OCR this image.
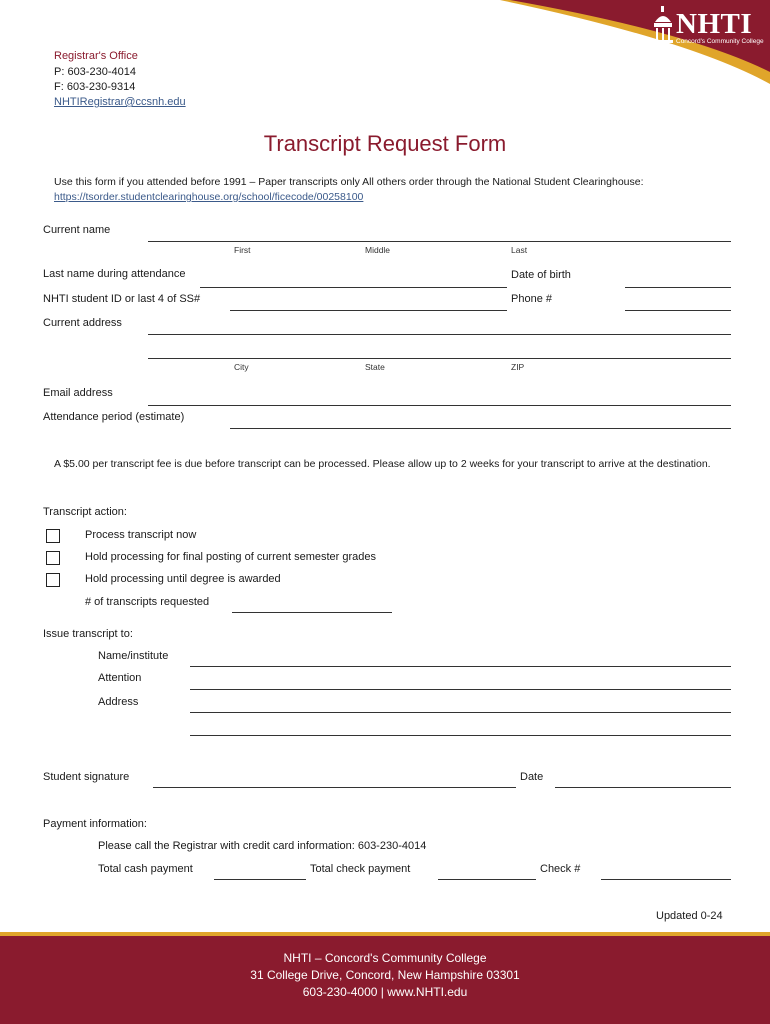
NHTI
Concord's Community College
Registrar's Office
P: 603-230-4014
F: 603-230-9314
NHTIRegistrar@ccsnh.edu
Transcript Request Form
Use this form if you attended before 1991 – Paper transcripts only All others order through the National Student Clearinghouse:
https://tsorder.studentclearinghouse.org/school/ficecode/00258100
Current name
First	Middle	Last
Last name during attendance	Date of birth
NHTI student ID or last 4 of SS#	Phone #
Current address
City	State	ZIP
Email address
Attendance period (estimate)
A $5.00 per transcript fee is due before transcript can be processed. Please allow up to 2 weeks for your transcript to arrive at the destination.
Transcript action:
Process transcript now
Hold processing for final posting of current semester grades
Hold processing until degree is awarded
# of transcripts requested
Issue transcript to:
Name/institute
Attention
Address
Student signature	Date
Payment information:
Please call the Registrar with credit card information: 603-230-4014
Total cash payment	Total check payment	Check #
Updated 0-24
NHTI – Concord's Community College
31 College Drive, Concord, New Hampshire 03301
603-230-4000 | www.NHTI.edu
